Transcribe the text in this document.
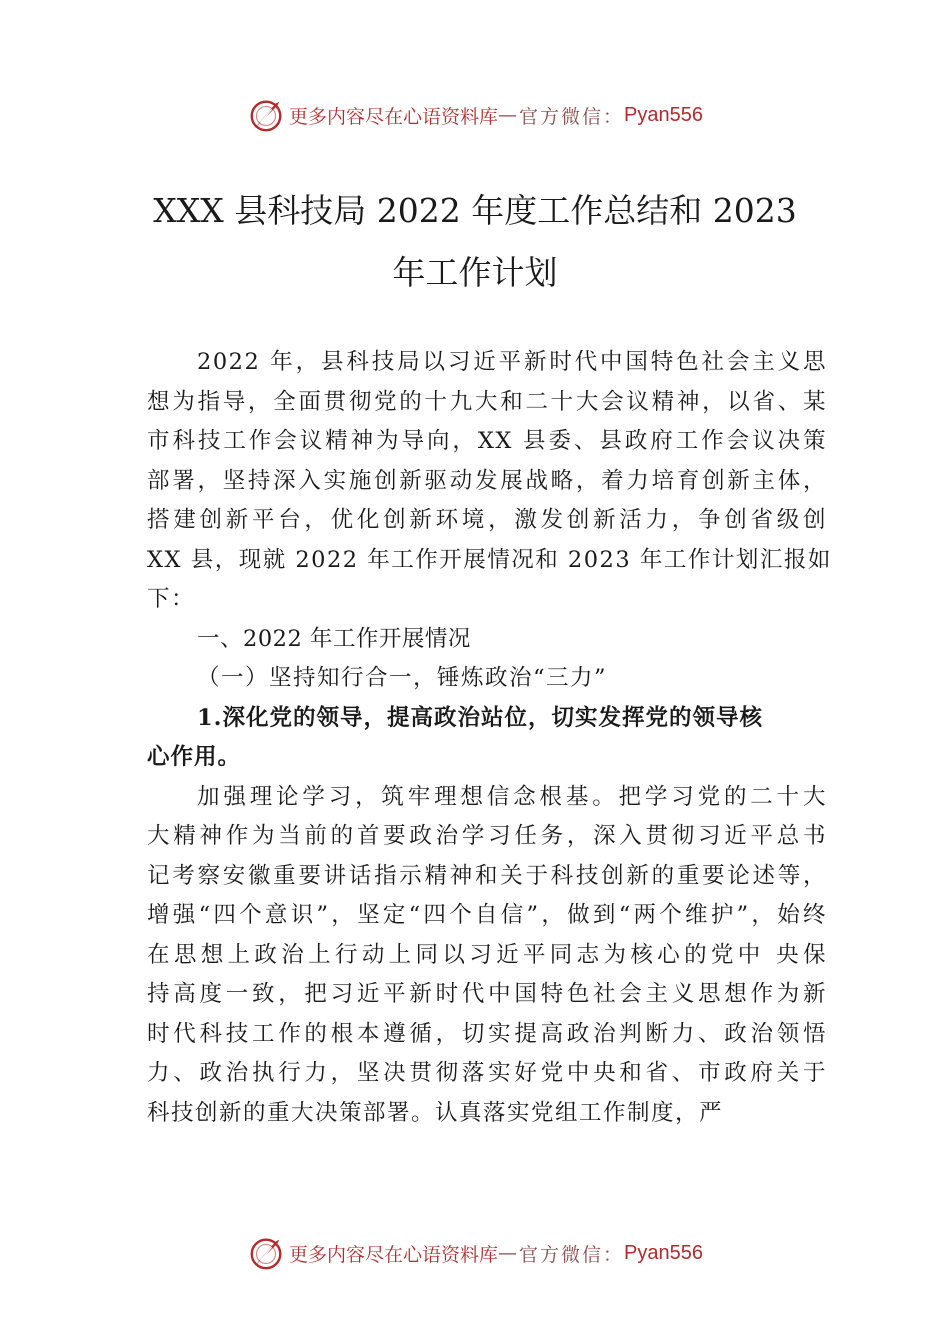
更多内容尽在心语资料库 — 官方微信： Pyan556
XXX 县科技局 2022 年度工作总结和 2023
年工作计划
2022 年，县科技局以习近平新时代中国特色社会主义思
想为指导，全面贯彻党的十九大和二十大会议精神，以省、某
市科技工作会议精神为导向，XX 县委、县政府工作会议决策
部署，坚持深入实施创新驱动发展战略，着力培育创新主体，
搭建创新平台，优化创新环境，激发创新活力，争创省级创
XX 县，现就 2022 年工作开展情况和 2023 年工作计划汇报如
下：
一、2022 年工作开展情况
（一）坚持知行合一，锤炼政治“三力”
1.深化党的领导，提高政治站位，切实发挥党的领导核
心作用。
加强理论学习，筑牢理想信念根基。把学习党的二十大
大精神作为当前的首要政治学习任务，深入贯彻习近平总书
记考察安徽重要讲话指示精神和关于科技创新的重要论述等，
增强“四个意识”，坚定“四个自信”，做到“两个维护”，始终
在思想上政治上行动上同以习近平同志为核心的党中 央保
持高度一致，把习近平新时代中国特色社会主义思想作为新
时代科技工作的根本遵循，切实提高政治判断力、政治领悟
力、政治执行力，坚决贯彻落实好党中央和省、市政府关于
科技创新的重大决策部署。认真落实党组工作制度，严
更多内容尽在心语资料库 — 官方微信： Pyan556
